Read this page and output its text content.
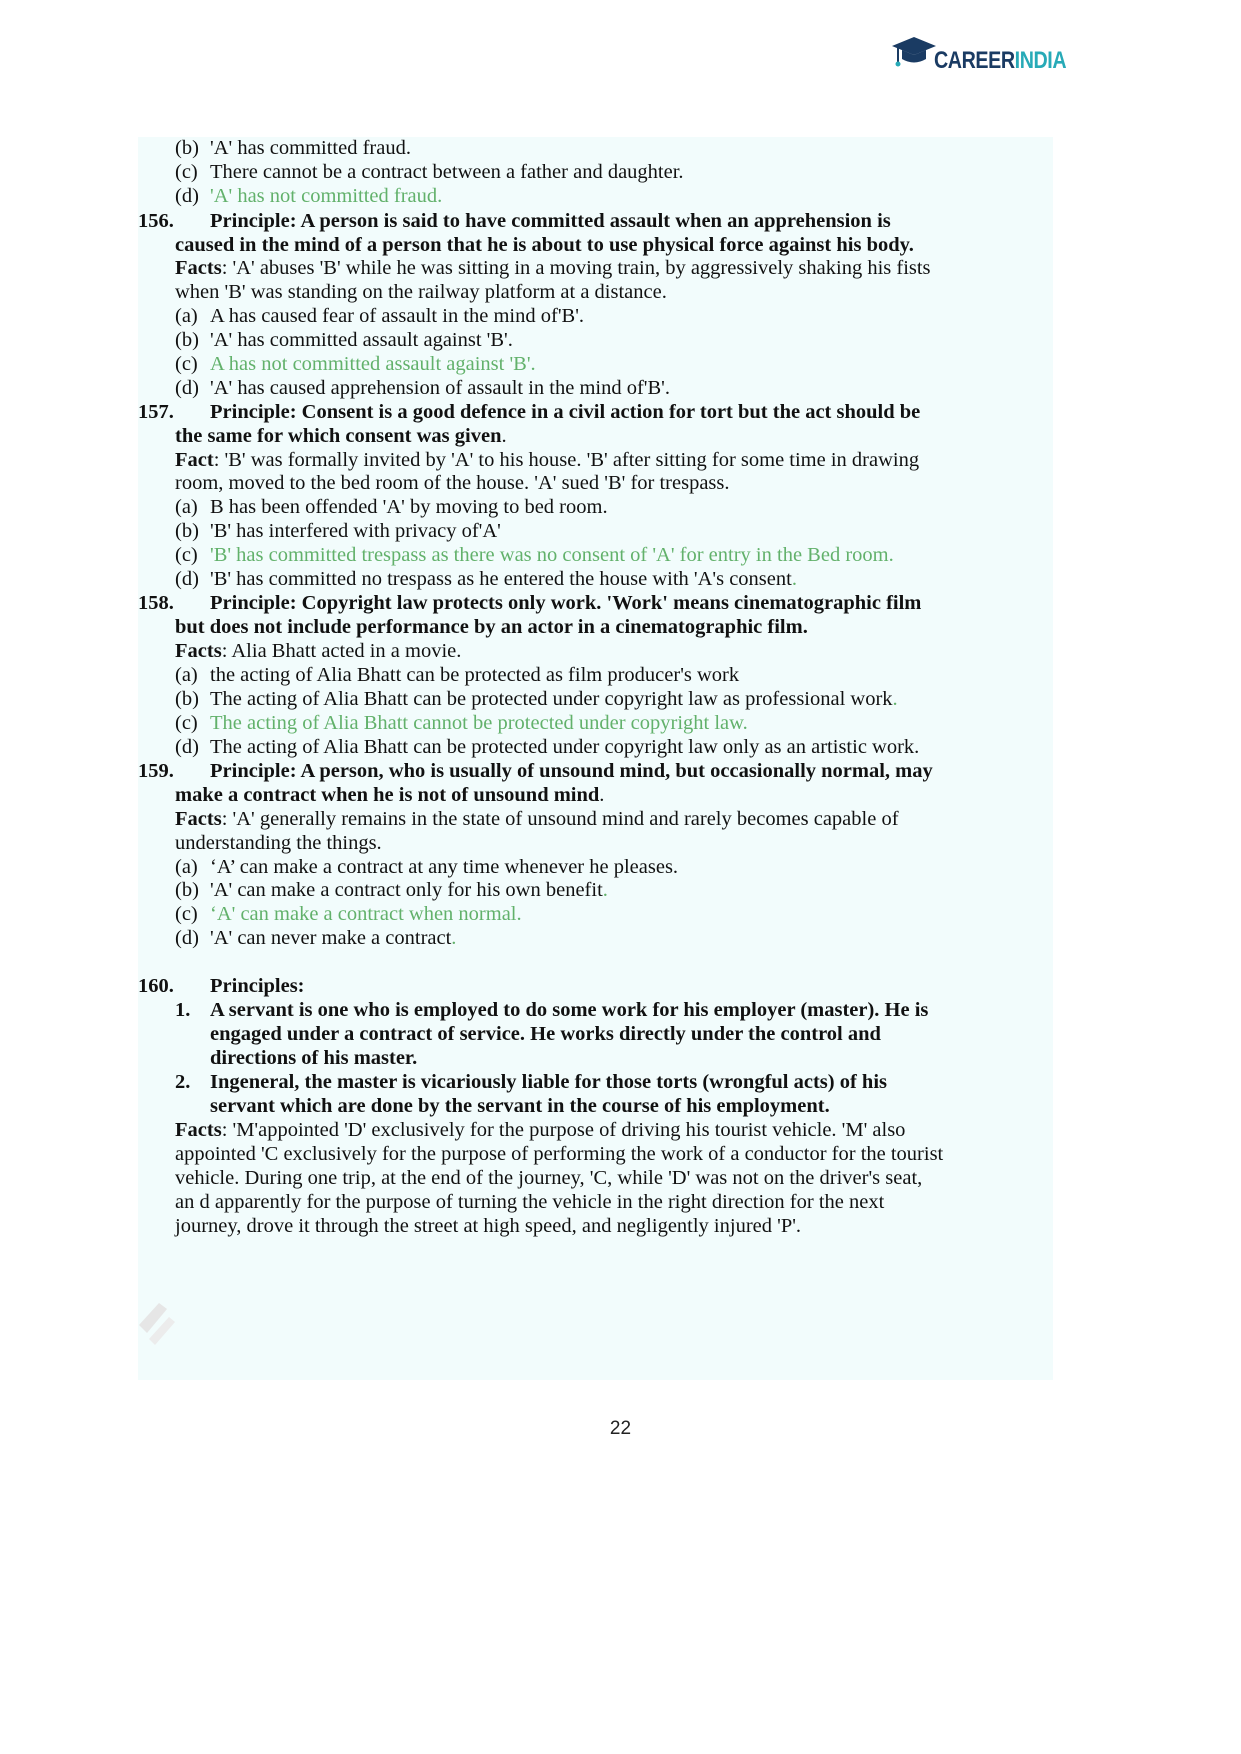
CAREERINDIA
(b) 'A' has committed fraud.
(c) There cannot be a contract between a father and daughter.
(d) 'A' has not committed fraud.
156. Principle: A person is said to have committed assault when an apprehension is
caused in the mind of a person that he is about to use physical force against his body.
Facts: 'A' abuses 'B' while he was sitting in a moving train, by aggressively shaking his fists
when 'B' was standing on the railway platform at a distance.
(a) A has caused fear of assault in the mind of'B'.
(b) 'A' has committed assault against 'B'.
(c) A has not committed assault against 'B'.
(d) 'A' has caused apprehension of assault in the mind of'B'.
157. Principle: Consent is a good defence in a civil action for tort but the act should be
the same for which consent was given.
Fact: 'B' was formally invited by 'A' to his house. 'B' after sitting for some time in drawing
room, moved to the bed room of the house. 'A' sued 'B' for trespass.
(a) B has been offended 'A' by moving to bed room.
(b) 'B' has interfered with privacy of'A'
(c) 'B' has committed trespass as there was no consent of 'A' for entry in the Bed room.
(d) 'B' has committed no trespass as he entered the house with 'A's consent.
158. Principle: Copyright law protects only work. 'Work' means cinematographic film
but does not include performance by an actor in a cinematographic film.
Facts: Alia Bhatt acted in a movie.
(a) the acting of Alia Bhatt can be protected as film producer's work
(b) The acting of Alia Bhatt can be protected under copyright law as professional work.
(c) The acting of Alia Bhatt cannot be protected under copyright law.
(d) The acting of Alia Bhatt can be protected under copyright law only as an artistic work.
159. Principle: A person, who is usually of unsound mind, but occasionally normal, may
make a contract when he is not of unsound mind.
Facts: 'A' generally remains in the state of unsound mind and rarely becomes capable of
understanding the things.
(a) ‘A’ can make a contract at any time whenever he pleases.
(b) 'A' can make a contract only for his own benefit.
(c) ‘A' can make a contract when normal.
(d) 'A' can never make a contract.
160. Principles:
1. A servant is one who is employed to do some work for his employer (master). He is
engaged under a contract of service. He works directly under the control and
directions of his master.
2. Ingeneral, the master is vicariously liable for those torts (wrongful acts) of his
servant which are done by the servant in the course of his employment.
Facts: 'M'appointed 'D' exclusively for the purpose of driving his tourist vehicle. 'M' also
appointed 'C exclusively for the purpose of performing the work of a conductor for the tourist
vehicle. During one trip, at the end of the journey, 'C, while 'D' was not on the driver's seat,
an d apparently for the purpose of turning the vehicle in the right direction for the next
journey, drove it through the street at high speed, and negligently injured 'P'.
22
